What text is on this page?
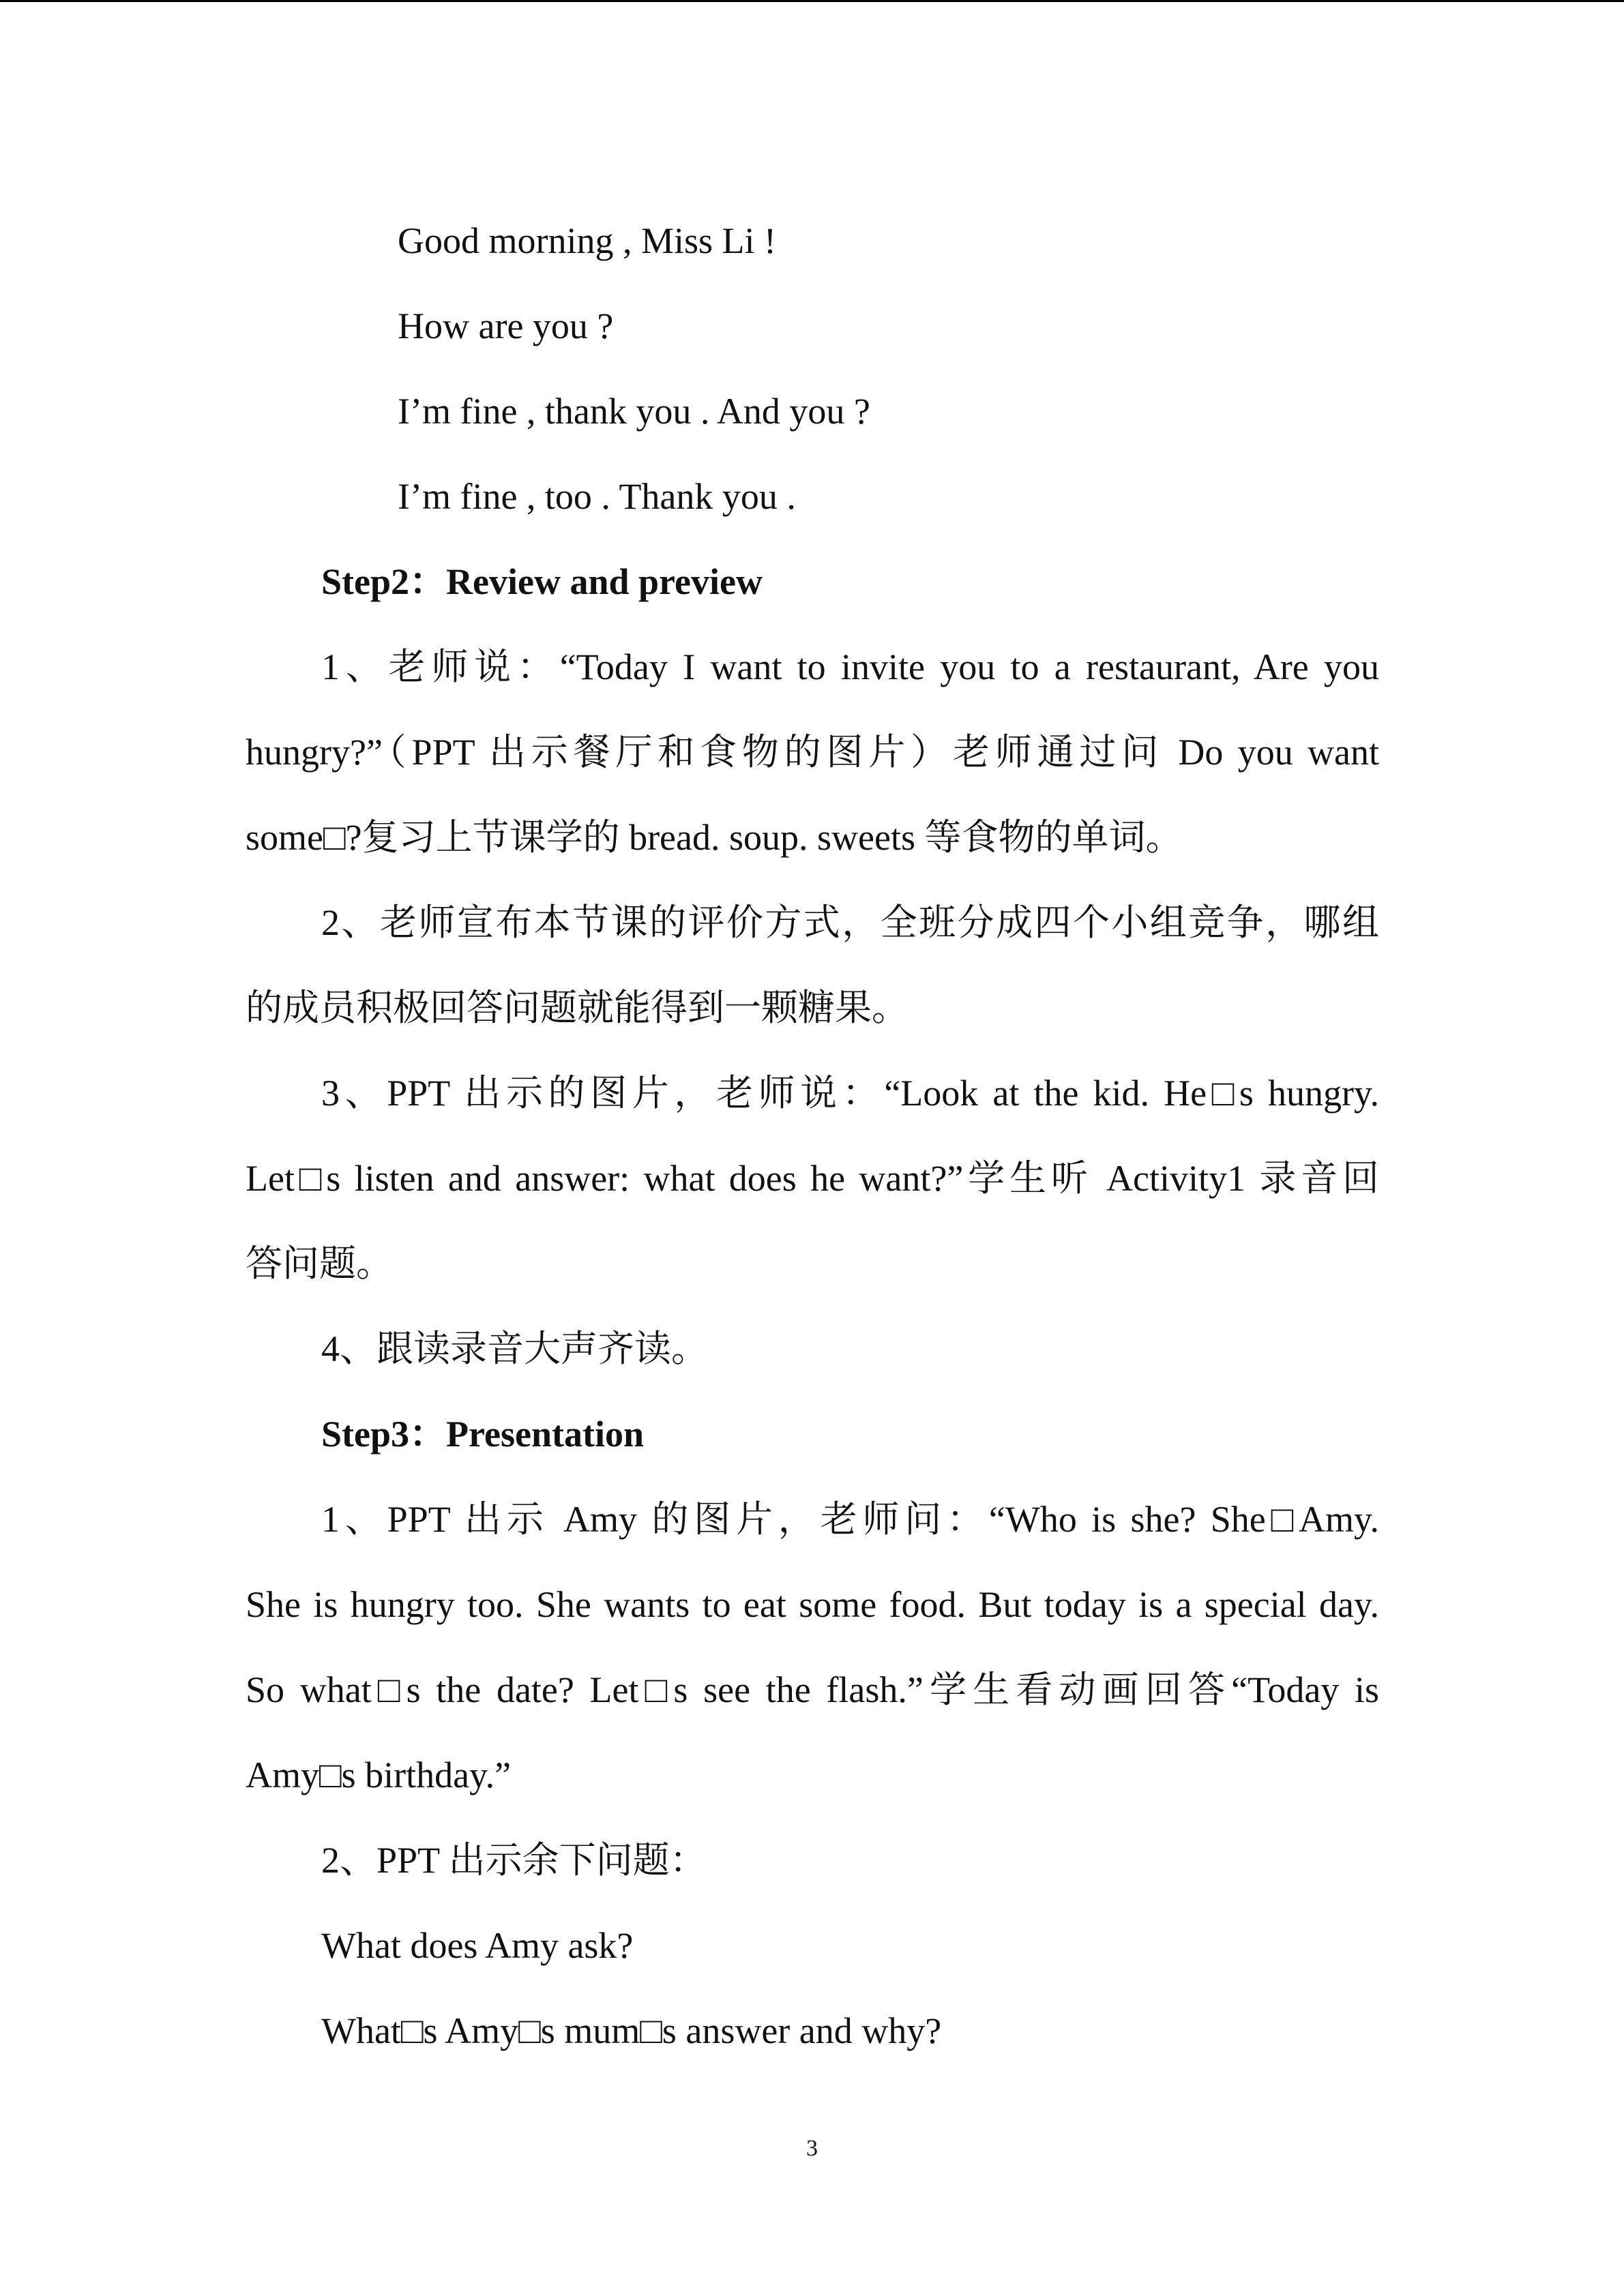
Good morning , Miss Li !

How are you ?

I’m fine , thank you . And you ?

I’m fine , too . Thank you .

Step2：Review and preview

1、老师说：“Today I want to invite you to a restaurant, Are you

hungry?”（PPT 出示餐厅和食物的图片）老师通过问 Do you want

some□?复习上节课学的 bread. soup. sweets 等食物的单词。

2、老师宣布本节课的评价方式，全班分成四个小组竞争，哪组

的成员积极回答问题就能得到一颗糖果。

3、PPT 出示的图片，老师说：“Look at the kid. He□s hungry.

Let□s listen and answer: what does he want?”学生听 Activity1 录音回

答问题。

4、跟读录音大声齐读。

Step3：Presentation

1、PPT 出示 Amy 的图片，老师问：“Who is she? She□Amy.

She is hungry too. She wants to eat some food. But today is a special day.

So what□s the date? Let□s see the flash.”学生看动画回答“Today is

Amy□s birthday.”

2、PPT 出示余下问题：

What does Amy ask?

What□s Amy□s mum□s answer and why?

3
